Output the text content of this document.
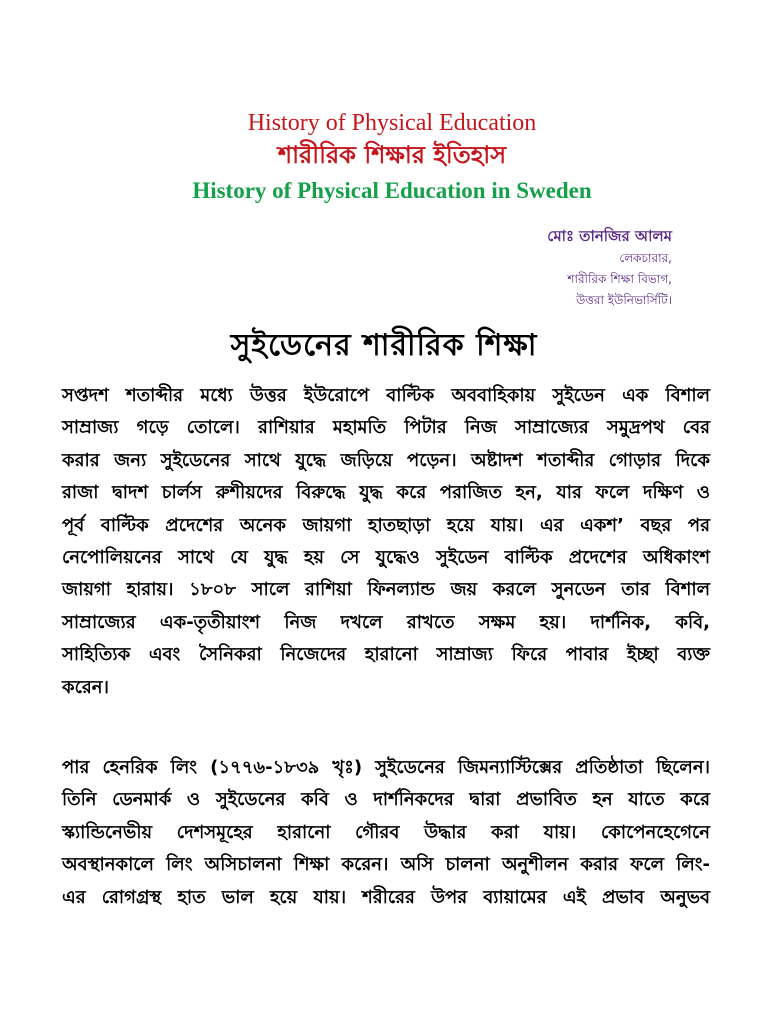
History of Physical Education
শারীরিক শিক্ষার ইতিহাস
History of Physical Education in Sweden
মোঃ তানজির আলম
লেকচারার,
শারীরিক শিক্ষা বিভাগ,
উত্তরা ইউনিভার্সিটি।
সুইডেনের শারীরিক শিক্ষা
সপ্তদশ শতাব্দীর মধ্যে উত্তর ইউরোপে বাল্টিক অববাহিকায় সুইডেন এক বিশাল
সাম্রাজ্য গড়ে তোলে। রাশিয়ার মহামতি পিটার নিজ সাম্রাজ্যের সমুদ্রপথ বের
করার জন্য সুইডেনের সাথে যুদ্ধে জড়িয়ে পড়েন। অষ্টাদশ শতাব্দীর গোড়ার দিকে
রাজা দ্বাদশ চার্লস রুশীয়দের বিরুদ্ধে যুদ্ধ করে পরাজিত হন, যার ফলে দক্ষিণ ও
পূর্ব বাল্টিক প্রদেশের অনেক জায়গা হাতছাড়া হয়ে যায়। এর একশ’ বছর পর
নেপোলিয়নের সাথে যে যুদ্ধ হয় সে যুদ্ধেও সুইডেন বাল্টিক প্রদেশের অধিকাংশ
জায়গা হারায়। ১৮০৮ সালে রাশিয়া ফিনল্যান্ড জয় করলে সুনডেন তার বিশাল
সাম্রাজ্যের এক-তৃতীয়াংশ নিজ দখলে রাখতে সক্ষম হয়। দার্শনিক, কবি,
সাহিত্যিক এবং সৈনিকরা নিজেদের হারানো সাম্রাজ্য ফিরে পাবার ইচ্ছা ব্যক্ত
করেন।
পার হেনরিক লিং (১৭৭৬-১৮৩৯ খৃঃ) সুইডেনের জিমন্যাস্টিক্সের প্রতিষ্ঠাতা ছিলেন।
তিনি ডেনমার্ক ও সুইডেনের কবি ও দার্শনিকদের দ্বারা প্রভাবিত হন যাতে করে
স্ক্যান্ডিনেভীয় দেশসমূহের হারানো গৌরব উদ্ধার করা যায়। কোপেনহেগেনে
অবস্থানকালে লিং অসিচালনা শিক্ষা করেন। অসি চালনা অনুশীলন করার ফলে লিং-
এর রোগগ্রস্থ হাত ভাল হয়ে যায়। শরীরের উপর ব্যায়ামের এই প্রভাব অনুভব
